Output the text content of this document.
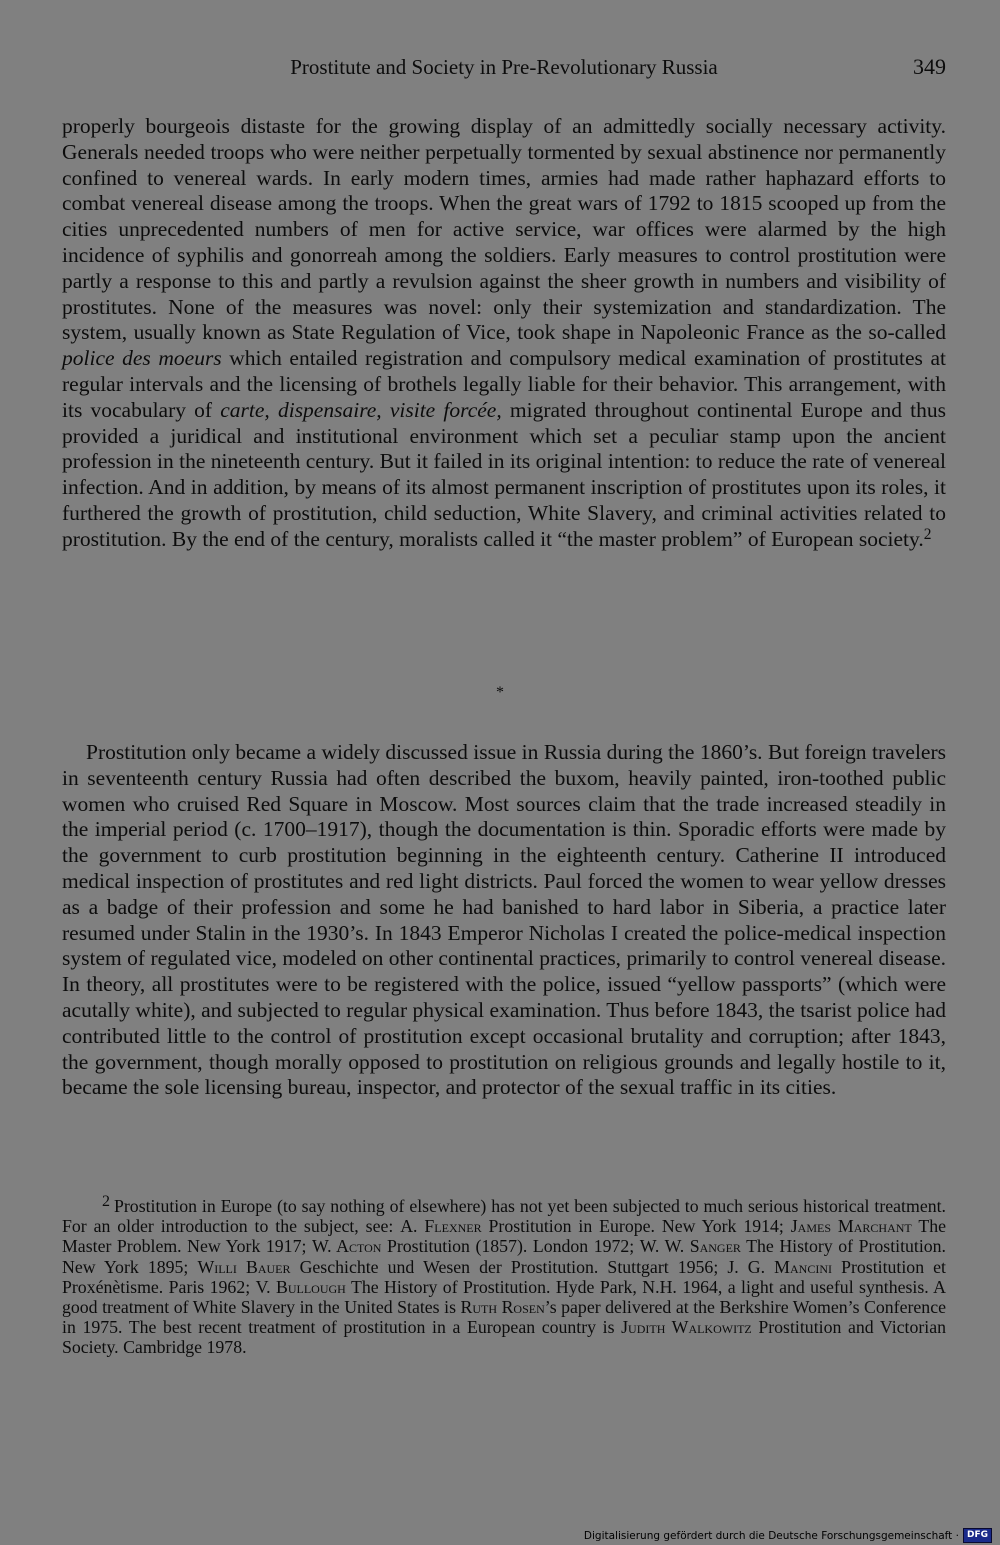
Prostitute and Society in Pre-Revolutionary Russia	349

properly bourgeois distaste for the growing display of an admittedly socially necessary activity. Generals needed troops who were neither perpetually tormented by sexual abstinence nor permanently confined to venereal wards. In early modern times, armies had made rather haphazard efforts to combat venereal disease among the troops. When the great wars of 1792 to 1815 scooped up from the cities unprecedented numbers of men for active service, war offices were alarmed by the high incidence of syphilis and gonorreah among the soldiers. Early measures to control prostitution were partly a response to this and partly a revulsion against the sheer growth in numbers and visibility of prostitutes. None of the measures was novel: only their systemization and standardization. The system, usually known as State Regulation of Vice, took shape in Napoleonic France as the so-called police des moeurs which entailed registration and compulsory medical examination of prostitutes at regular intervals and the licensing of brothels legally liable for their behavior. This arrangement, with its vocabulary of carte, dispensaire, visite forcée, migrated throughout continental Europe and thus provided a juridical and institutional environment which set a peculiar stamp upon the ancient profession in the nineteenth century. But it failed in its original intention: to reduce the rate of venereal infection. And in addition, by means of its almost permanent inscription of prostitutes upon its roles, it furthered the growth of prostitution, child seduction, White Slavery, and criminal activities related to prostitution. By the end of the century, moralists called it “the master problem” of European society.$^2$

*

Prostitution only became a widely discussed issue in Russia during the 1860’s. But foreign travelers in seventeenth century Russia had often described the buxom, heavily painted, iron-toothed public women who cruised Red Square in Moscow. Most sources claim that the trade increased steadily in the imperial period (c. 1700–1917), though the documentation is thin. Sporadic efforts were made by the government to curb prostitution beginning in the eighteenth century. Catherine II introduced medical inspection of prostitutes and red light districts. Paul forced the women to wear yellow dresses as a badge of their profession and some he had banished to hard labor in Siberia, a practice later resumed under Stalin in the 1930’s. In 1843 Emperor Nicholas I created the police-medical inspection system of regulated vice, modeled on other continental practices, primarily to control venereal disease. In theory, all prostitutes were to be registered with the police, issued “yellow passports” (which were acutally white), and subjected to regular physical examination. Thus before 1843, the tsarist police had contributed little to the control of prostitution except occasional brutality and corruption; after 1843, the government, though morally opposed to prostitution on religious grounds and legally hostile to it, became the sole licensing bureau, inspector, and protector of the sexual traffic in its cities.

2 Prostitution in Europe (to say nothing of elsewhere) has not yet been subjected to much serious historical treatment. For an older introduction to the subject, see: A. Flexner Prostitution in Europe. New York 1914; James Marchant The Master Problem. New York 1917; W. Acton Prostitution (1857). London 1972; W. W. Sanger The History of Prostitution. New York 1895; Willi Bauer Geschichte und Wesen der Prostitution. Stuttgart 1956; J. G. Mancini Prostitution et Proxénètisme. Paris 1962; V. Bullough The History of Prostitution. Hyde Park, N.H. 1964, a light and useful synthesis. A good treatment of White Slavery in the United States is Ruth Rosen’s paper delivered at the Berkshire Women’s Conference in 1975. The best recent treatment of prostitution in a European country is Judith Walkowitz Prostitution and Victorian Society. Cambridge 1978.

Digitalisierung gefördert durch die Deutsche Forschungsgemeinschaft · DFG
